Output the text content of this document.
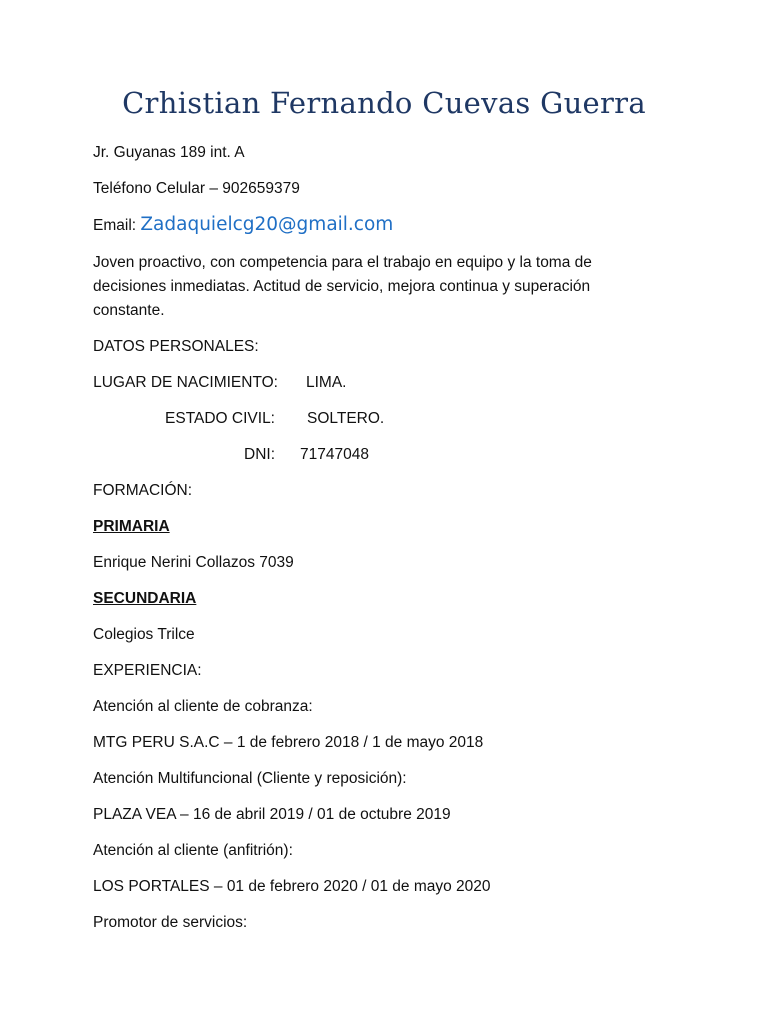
Crhistian Fernando Cuevas Guerra
Jr. Guyanas 189 int. A
Teléfono Celular – 902659379
Email: Zadaquielcg20@gmail.com
Joven proactivo, con competencia para el trabajo en equipo y la toma de decisiones inmediatas. Actitud de servicio, mejora continua y superación constante.
DATOS PERSONALES:
LUGAR DE NACIMIENTO: LIMA.
ESTADO CIVIL: SOLTERO.
DNI: 71747048
FORMACIÓN:
PRIMARIA
Enrique Nerini Collazos 7039
SECUNDARIA
Colegios Trilce
EXPERIENCIA:
Atención al cliente de cobranza:
MTG PERU S.A.C – 1 de febrero 2018 / 1 de mayo 2018
Atención Multifuncional (Cliente y reposición):
PLAZA VEA – 16 de abril 2019 / 01 de octubre 2019
Atención al cliente (anfitrión):
LOS PORTALES – 01 de febrero 2020 / 01 de mayo 2020
Promotor de servicios:
